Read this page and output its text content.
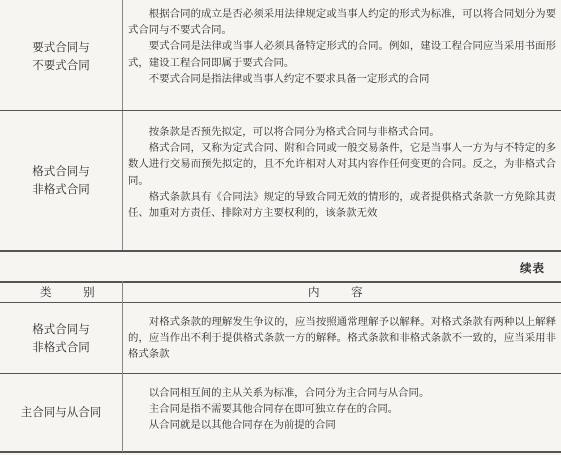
要式合同与
不要式合同

根据合同的成立是否必须采用法律规定或当事人约定的形式为标准，可以将合同划分为要式合同与不要式合同。

要式合同是法律或当事人必须具备特定形式的合同。例如，建设工程合同应当采用书面形式，建设工程合同即属于要式合同。

不要式合同是指法律或当事人约定不要求具备一定形式的合同

格式合同与
非格式合同

按条款是否预先拟定，可以将合同分为格式合同与非格式合同。

格式合同，又称为定式合同、附和合同或一般交易条件，它是当事人一方为与不特定的多数人进行交易而预先拟定的，且不允许相对人对其内容作任何变更的合同。反之，为非格式合同。

格式条款具有《合同法》规定的导致合同无效的情形的，或者提供格式条款一方免除其责任、加重对方责任、排除对方主要权利的，该条款无效

续表
类 别	内 容
格式合同与
非格式合同

对格式条款的理解发生争议的，应当按照通常理解予以解释。对格式条款有两种以上解释的，应当作出不利于提供格式条款一方的解释。格式条款和非格式条款不一致的，应当采用非格式条款

主合同与从合同

以合同相互间的主从关系为标准，合同分为主合同与从合同。

主合同是指不需要其他合同存在即可独立存在的合同。

从合同就是以其他合同存在为前提的合同
